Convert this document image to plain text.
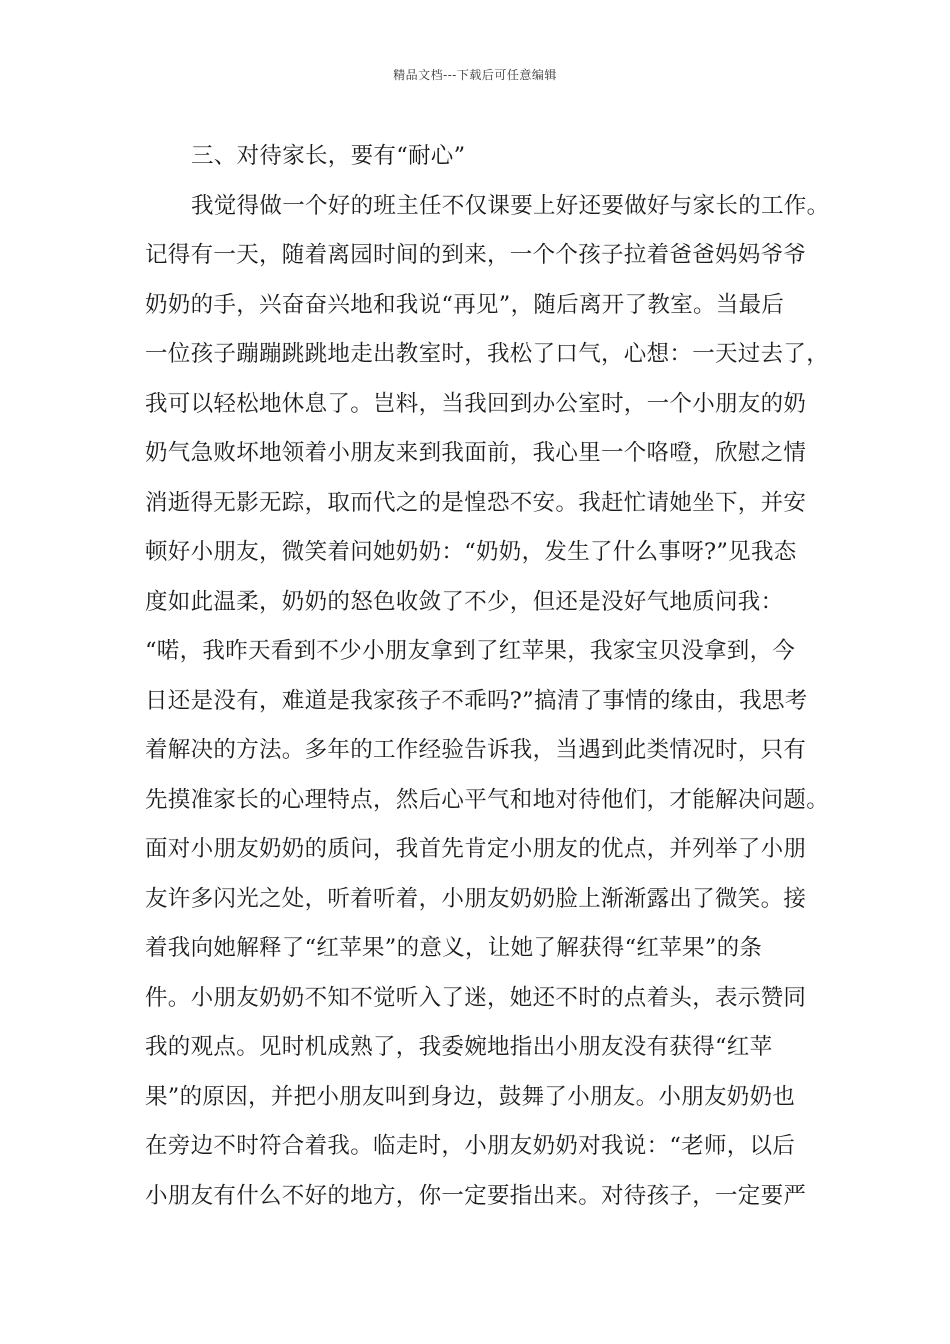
精品文档---下载后可任意编辑
三、对待家长，要有“耐心”
我觉得做一个好的班主任不仅课要上好还要做好与家长的工作。
记得有一天，随着离园时间的到来，一个个孩子拉着爸爸妈妈爷爷
奶奶的手，兴奋奋兴地和我说“再见”，随后离开了教室。当最后
一位孩子蹦蹦跳跳地走出教室时，我松了口气，心想：一天过去了，
我可以轻松地休息了。岂料，当我回到办公室时，一个小朋友的奶
奶气急败坏地领着小朋友来到我面前，我心里一个咯噔，欣慰之情
消逝得无影无踪，取而代之的是惶恐不安。我赶忙请她坐下，并安
顿好小朋友，微笑着问她奶奶：“奶奶，发生了什么事呀?”见我态
度如此温柔，奶奶的怒色收敛了不少，但还是没好气地质问我：
“喏，我昨天看到不少小朋友拿到了红苹果，我家宝贝没拿到，今
日还是没有，难道是我家孩子不乖吗?”搞清了事情的缘由，我思考
着解决的方法。多年的工作经验告诉我，当遇到此类情况时，只有
先摸准家长的心理特点，然后心平气和地对待他们，才能解决问题。
面对小朋友奶奶的质问，我首先肯定小朋友的优点，并列举了小朋
友许多闪光之处，听着听着，小朋友奶奶脸上渐渐露出了微笑。接
着我向她解释了“红苹果”的意义，让她了解获得“红苹果”的条
件。小朋友奶奶不知不觉听入了迷，她还不时的点着头，表示赞同
我的观点。见时机成熟了，我委婉地指出小朋友没有获得“红苹
果”的原因，并把小朋友叫到身边，鼓舞了小朋友。小朋友奶奶也
在旁边不时符合着我。临走时，小朋友奶奶对我说：“老师，以后
小朋友有什么不好的地方，你一定要指出来。对待孩子，一定要严
